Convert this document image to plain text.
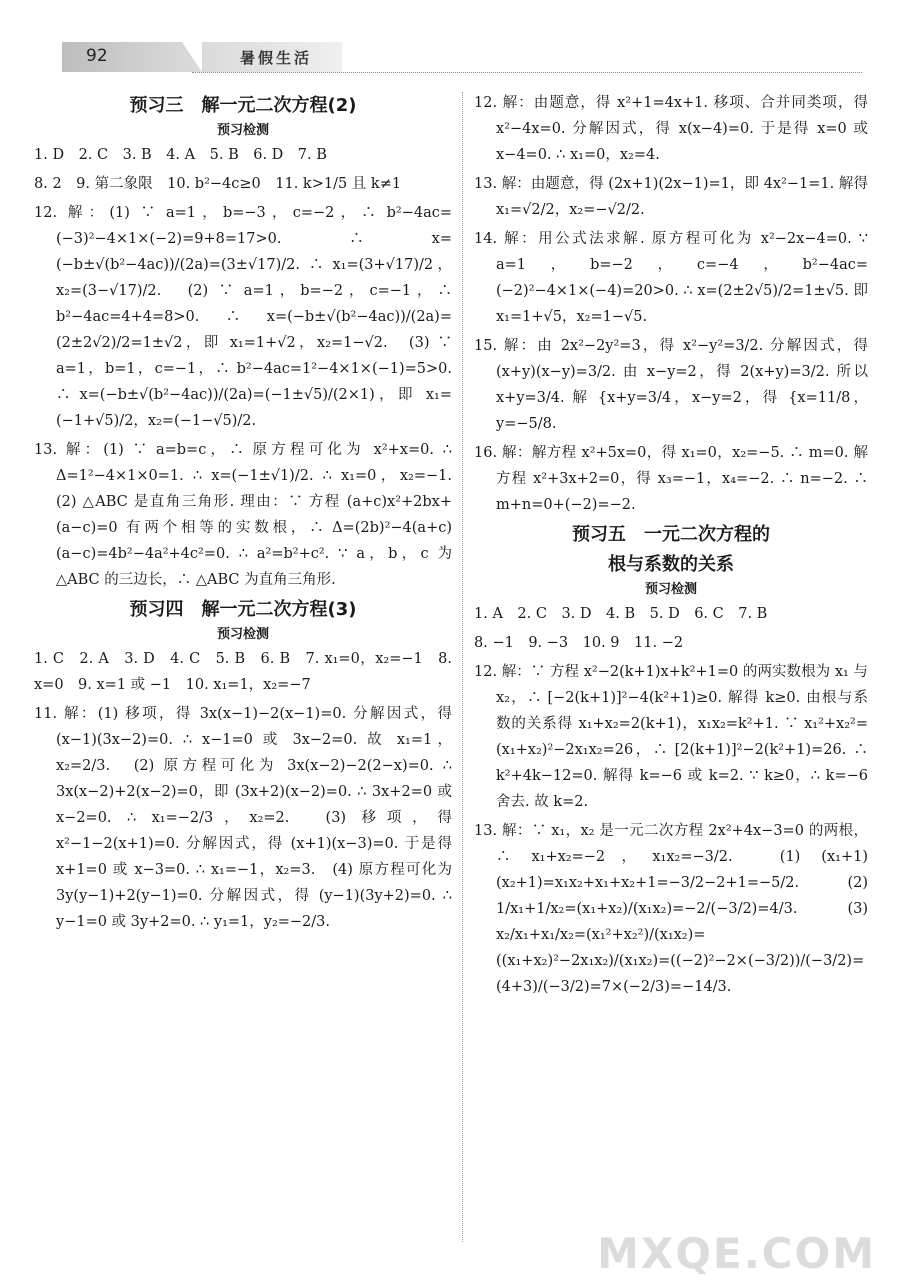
92	暑假生活
预习三　解一元二次方程(2)
预习检测

1. D　2. C　3. B　4. A　5. B　6. D　7. B

8. 2　9. 第二象限　10. b²−4c≥0　11. k>1/5 且 k≠1

12. 解：(1) ∵ a=1，b=−3，c=−2，∴ b²−4ac=(−3)²−4×1×(−2)=9+8=17>0. ∴ x=(−b±√(b²−4ac))/(2a)=(3±√17)/2. ∴ x₁=(3+√17)/2，x₂=(3−√17)/2.　(2) ∵ a=1，b=−2，c=−1，∴ b²−4ac=4+4=8>0. ∴ x=(−b±√(b²−4ac))/(2a)=(2±2√2)/2=1±√2，即 x₁=1+√2，x₂=1−√2.　(3) ∵ a=1，b=1，c=−1，∴ b²−4ac=1²−4×1×(−1)=5>0. ∴ x=(−b±√(b²−4ac))/(2a)=(−1±√5)/(2×1)，即 x₁=(−1+√5)/2，x₂=(−1−√5)/2.

13. 解：(1) ∵ a=b=c，∴ 原方程可化为 x²+x=0. ∴ Δ=1²−4×1×0=1. ∴ x=(−1±√1)/2. ∴ x₁=0，x₂=−1.　(2) △ABC 是直角三角形. 理由：∵ 方程 (a+c)x²+2bx+(a−c)=0 有两个相等的实数根，∴ Δ=(2b)²−4(a+c)(a−c)=4b²−4a²+4c²=0. ∴ a²=b²+c². ∵ a，b，c 为△ABC 的三边长，∴ △ABC 为直角三角形.

预习四　解一元二次方程(3)
预习检测

1. C　2. A　3. D　4. C　5. B　6. B　7. x₁=0，x₂=−1　8. x=0　9. x=1 或 −1　10. x₁=1，x₂=−7

11. 解：(1) 移项，得 3x(x−1)−2(x−1)=0. 分解因式，得 (x−1)(3x−2)=0. ∴ x−1=0 或 3x−2=0. 故 x₁=1，x₂=2/3.　(2) 原方程可化为 3x(x−2)−2(2−x)=0. ∴ 3x(x−2)+2(x−2)=0，即 (3x+2)(x−2)=0. ∴ 3x+2=0 或 x−2=0. ∴ x₁=−2/3，x₂=2.　(3) 移项，得 x²−1−2(x+1)=0. 分解因式，得 (x+1)(x−3)=0. 于是得 x+1=0 或 x−3=0. ∴ x₁=−1，x₂=3.　(4) 原方程可化为 3y(y−1)+2(y−1)=0. 分解因式，得 (y−1)(3y+2)=0. ∴ y−1=0 或 3y+2=0. ∴ y₁=1，y₂=−2/3.

12. 解：由题意，得 x²+1=4x+1. 移项、合并同类项，得 x²−4x=0. 分解因式，得 x(x−4)=0. 于是得 x=0 或 x−4=0. ∴ x₁=0，x₂=4.

13. 解：由题意，得 (2x+1)(2x−1)=1，即 4x²−1=1. 解得 x₁=√2/2，x₂=−√2/2.

14. 解：用公式法求解. 原方程可化为 x²−2x−4=0. ∵ a=1，b=−2，c=−4，b²−4ac=(−2)²−4×1×(−4)=20>0. ∴ x=(2±2√5)/2=1±√5. 即 x₁=1+√5，x₂=1−√5.

15. 解：由 2x²−2y²=3，得 x²−y²=3/2. 分解因式，得 (x+y)(x−y)=3/2. 由 x−y=2，得 2(x+y)=3/2. 所以 x+y=3/4. 解 {x+y=3/4，x−y=2，得 {x=11/8，y=−5/8.

16. 解：解方程 x²+5x=0，得 x₁=0，x₂=−5. ∴ m=0. 解方程 x²+3x+2=0，得 x₃=−1，x₄=−2. ∴ n=−2. ∴ m+n=0+(−2)=−2.

预习五　一元二次方程的
根与系数的关系
预习检测

1. A　2. C　3. D　4. B　5. D　6. C　7. B

8. −1　9. −3　10. 9　11. −2

12. 解：∵ 方程 x²−2(k+1)x+k²+1=0 的两实数根为 x₁ 与 x₂，∴ [−2(k+1)]²−4(k²+1)≥0. 解得 k≥0. 由根与系数的关系得 x₁+x₂=2(k+1)，x₁x₂=k²+1. ∵ x₁²+x₂²=(x₁+x₂)²−2x₁x₂=26，∴ [2(k+1)]²−2(k²+1)=26. ∴ k²+4k−12=0. 解得 k=−6 或 k=2. ∵ k≥0，∴ k=−6 舍去. 故 k=2.

13. 解：∵ x₁，x₂ 是一元二次方程 2x²+4x−3=0 的两根，∴ x₁+x₂=−2，x₁x₂=−3/2.　(1) (x₁+1)(x₂+1)=x₁x₂+x₁+x₂+1=−3/2−2+1=−5/2.　(2) 1/x₁+1/x₂=(x₁+x₂)/(x₁x₂)=−2/(−3/2)=4/3.　(3) x₂/x₁+x₁/x₂=(x₁²+x₂²)/(x₁x₂)=((x₁+x₂)²−2x₁x₂)/(x₁x₂)=((−2)²−2×(−3/2))/(−3/2)=(4+3)/(−3/2)=7×(−2/3)=−14/3.

MXQE.COM
